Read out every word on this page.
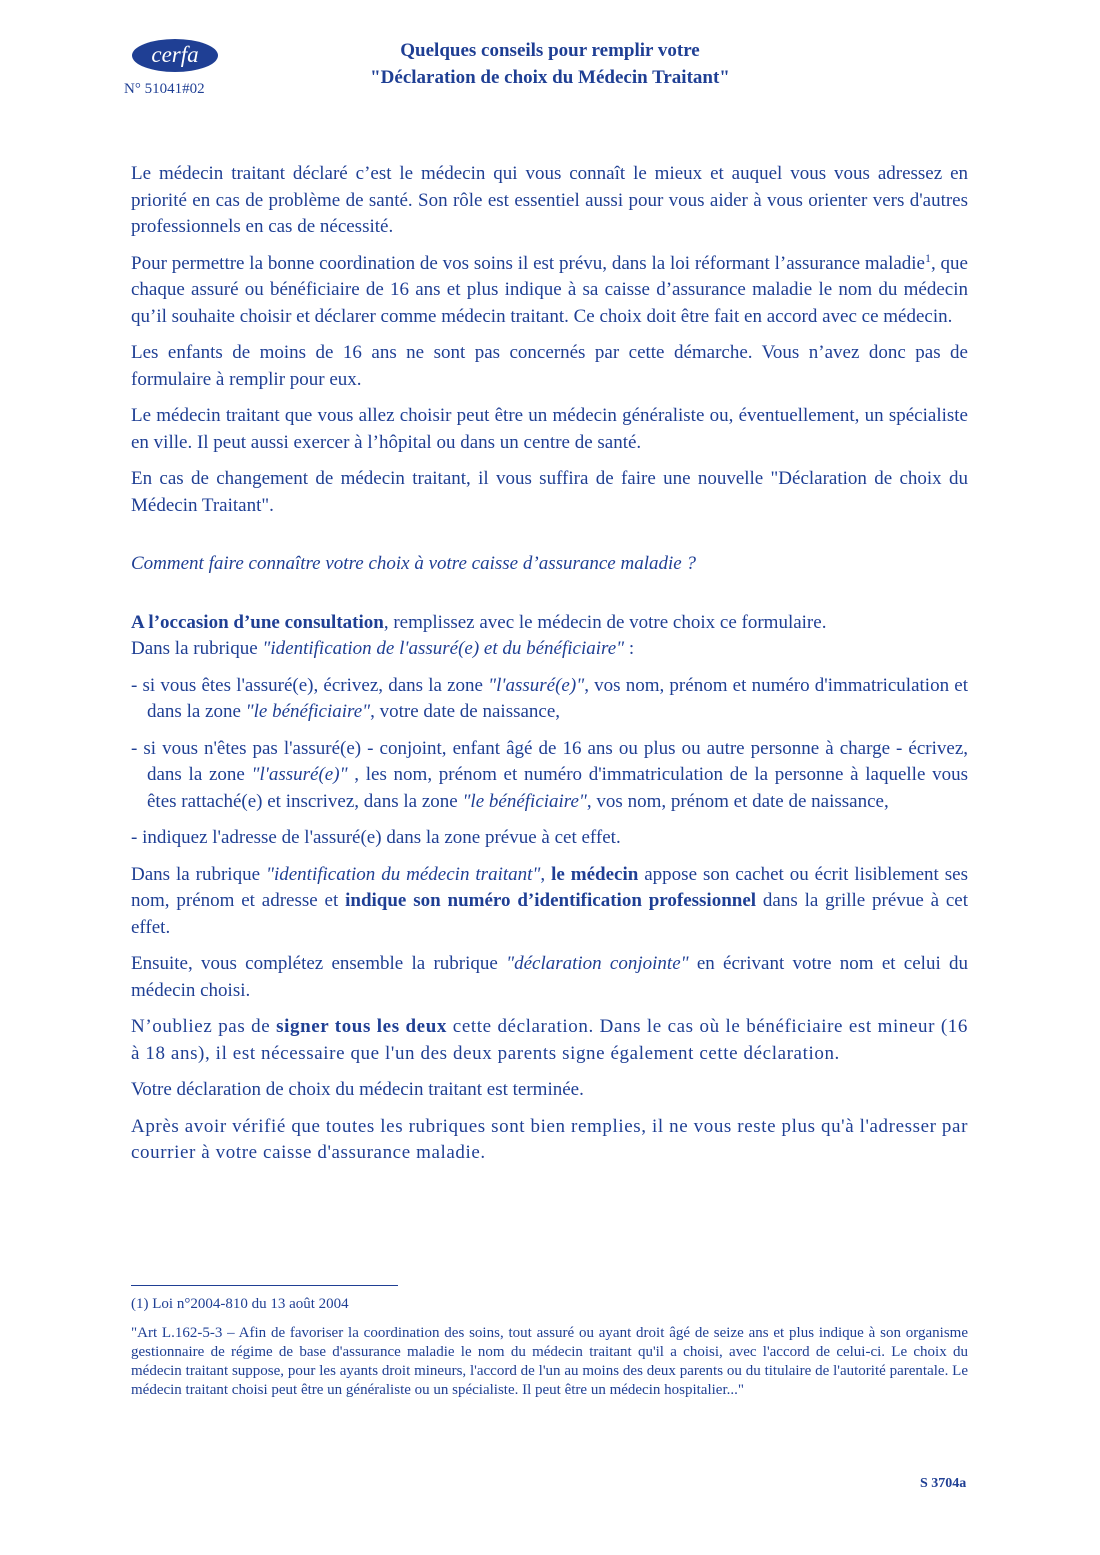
cerfa
N° 51041#02
Quelques conseils pour remplir votre
"Déclaration de choix du Médecin Traitant"

Le médecin traitant déclaré c’est le médecin qui vous connaît le mieux et auquel vous vous adressez en priorité en cas de problème de santé. Son rôle est essentiel aussi pour vous aider à vous orienter vers d'autres professionnels en cas de nécessité.

Pour permettre la bonne coordination de vos soins il est prévu, dans la loi réformant l’assurance maladie$^1$, que chaque assuré ou bénéficiaire de 16 ans et plus indique à sa caisse d’assurance maladie le nom du médecin qu’il souhaite choisir et déclarer comme médecin traitant. Ce choix doit être fait en accord avec ce médecin.

Les enfants de moins de 16 ans ne sont pas concernés par cette démarche. Vous n’avez donc pas de formulaire à remplir pour eux.

Le médecin traitant que vous allez choisir peut être un médecin généraliste ou, éventuellement, un spécialiste en ville. Il peut aussi exercer à l’hôpital ou dans un centre de santé.

En cas de changement de médecin traitant, il vous suffira de faire une nouvelle "Déclaration de choix du Médecin Traitant".

Comment faire connaître votre choix à votre caisse d’assurance maladie ?

A l’occasion d’une consultation, remplissez avec le médecin de votre choix ce formulaire.

Dans la rubrique "identification de l'assuré(e) et du bénéficiaire" :

- si vous êtes l'assuré(e), écrivez, dans la zone "l'assuré(e)", vos nom, prénom et numéro d'immatriculation et dans la zone "le bénéficiaire", votre date de naissance,

- si vous n'êtes pas l'assuré(e) - conjoint, enfant âgé de 16 ans ou plus ou autre personne à charge - écrivez, dans la zone "l'assuré(e)" , les nom, prénom et numéro d'immatriculation de la personne à laquelle vous êtes rattaché(e) et inscrivez, dans la zone "le bénéficiaire", vos nom, prénom et date de naissance,

- indiquez l'adresse de l'assuré(e) dans la zone prévue à cet effet.

Dans la rubrique "identification du médecin traitant", le médecin appose son cachet ou écrit lisiblement ses nom, prénom et adresse et indique son numéro d’identification professionnel dans la grille prévue à cet effet.

Ensuite, vous complétez ensemble la rubrique "déclaration conjointe" en écrivant votre nom et celui du médecin choisi.

N’oubliez pas de signer tous les deux cette déclaration. Dans le cas où le bénéficiaire est mineur (16 à 18 ans), il est nécessaire que l'un des deux parents signe également cette déclaration.

Votre déclaration de choix du médecin traitant est terminée.

Après avoir vérifié que toutes les rubriques sont bien remplies, il ne vous reste plus qu'à l'adresser par courrier à votre caisse d'assurance maladie.

(1) Loi n°2004-810 du 13 août 2004

"Art L.162-5-3 – Afin de favoriser la coordination des soins, tout assuré ou ayant droit âgé de seize ans et plus indique à son organisme gestionnaire de régime de base d'assurance maladie le nom du médecin traitant qu'il a choisi, avec l'accord de celui-ci. Le choix du médecin traitant suppose, pour les ayants droit mineurs, l'accord de l'un au moins des deux parents ou du titulaire de l'autorité parentale. Le médecin traitant choisi peut être un généraliste ou un spécialiste. Il peut être un médecin hospitalier..."

S 3704a
